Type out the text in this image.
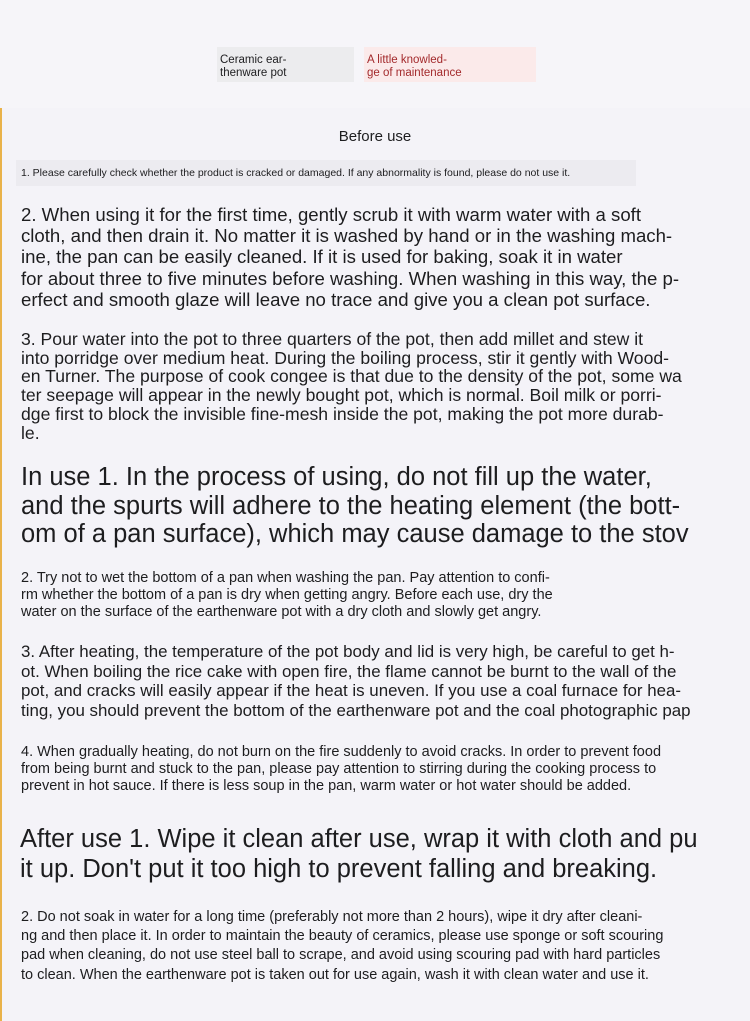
Ceramic ear-
thenware pot
A little knowled-
ge of maintenance
Before use

1. Please carefully check whether the product is cracked or damaged. If any abnormality is found, please do not use it.

2. When using it for the first time, gently scrub it with warm water with a soft
cloth, and then drain it. No matter it is washed by hand or in the washing mach-
ine, the pan can be easily cleaned. If it is used for baking, soak it in water
for about three to five minutes before washing. When washing in this way, the p-
erfect and smooth glaze will leave no trace and give you a clean pot surface.

3. Pour water into the pot to three quarters of the pot, then add millet and stew it
into porridge over medium heat. During the boiling process, stir it gently with Wood-
en Turner. The purpose of cook congee is that due to the density of the pot, some wa
ter seepage will appear in the newly bought pot, which is normal. Boil milk or porri-
dge first to block the invisible fine-mesh inside the pot, making the pot more durab-
le.

In use 1. In the process of using, do not fill up the water,
and the spurts will adhere to the heating element (the bott-
om of a pan surface), which may cause damage to the stov

2. Try not to wet the bottom of a pan when washing the pan. Pay attention to confi-
rm whether the bottom of a pan is dry when getting angry. Before each use, dry the
water on the surface of the earthenware pot with a dry cloth and slowly get angry.

3. After heating, the temperature of the pot body and lid is very high, be careful to get h-
ot. When boiling the rice cake with open fire, the flame cannot be burnt to the wall of the
pot, and cracks will easily appear if the heat is uneven. If you use a coal furnace for hea-
ting, you should prevent the bottom of the earthenware pot and the coal photographic pap

4. When gradually heating, do not burn on the fire suddenly to avoid cracks. In order to prevent food
from being burnt and stuck to the pan, please pay attention to stirring during the cooking process to
prevent in hot sauce. If there is less soup in the pan, warm water or hot water should be added.

After use 1. Wipe it clean after use, wrap it with cloth and pu
it up. Don't put it too high to prevent falling and breaking.

2. Do not soak in water for a long time (preferably not more than 2 hours), wipe it dry after cleani-
ng and then place it. In order to maintain the beauty of ceramics, please use sponge or soft scouring
pad when cleaning, do not use steel ball to scrape, and avoid using scouring pad with hard particles
to clean. When the earthenware pot is taken out for use again, wash it with clean water and use it.
